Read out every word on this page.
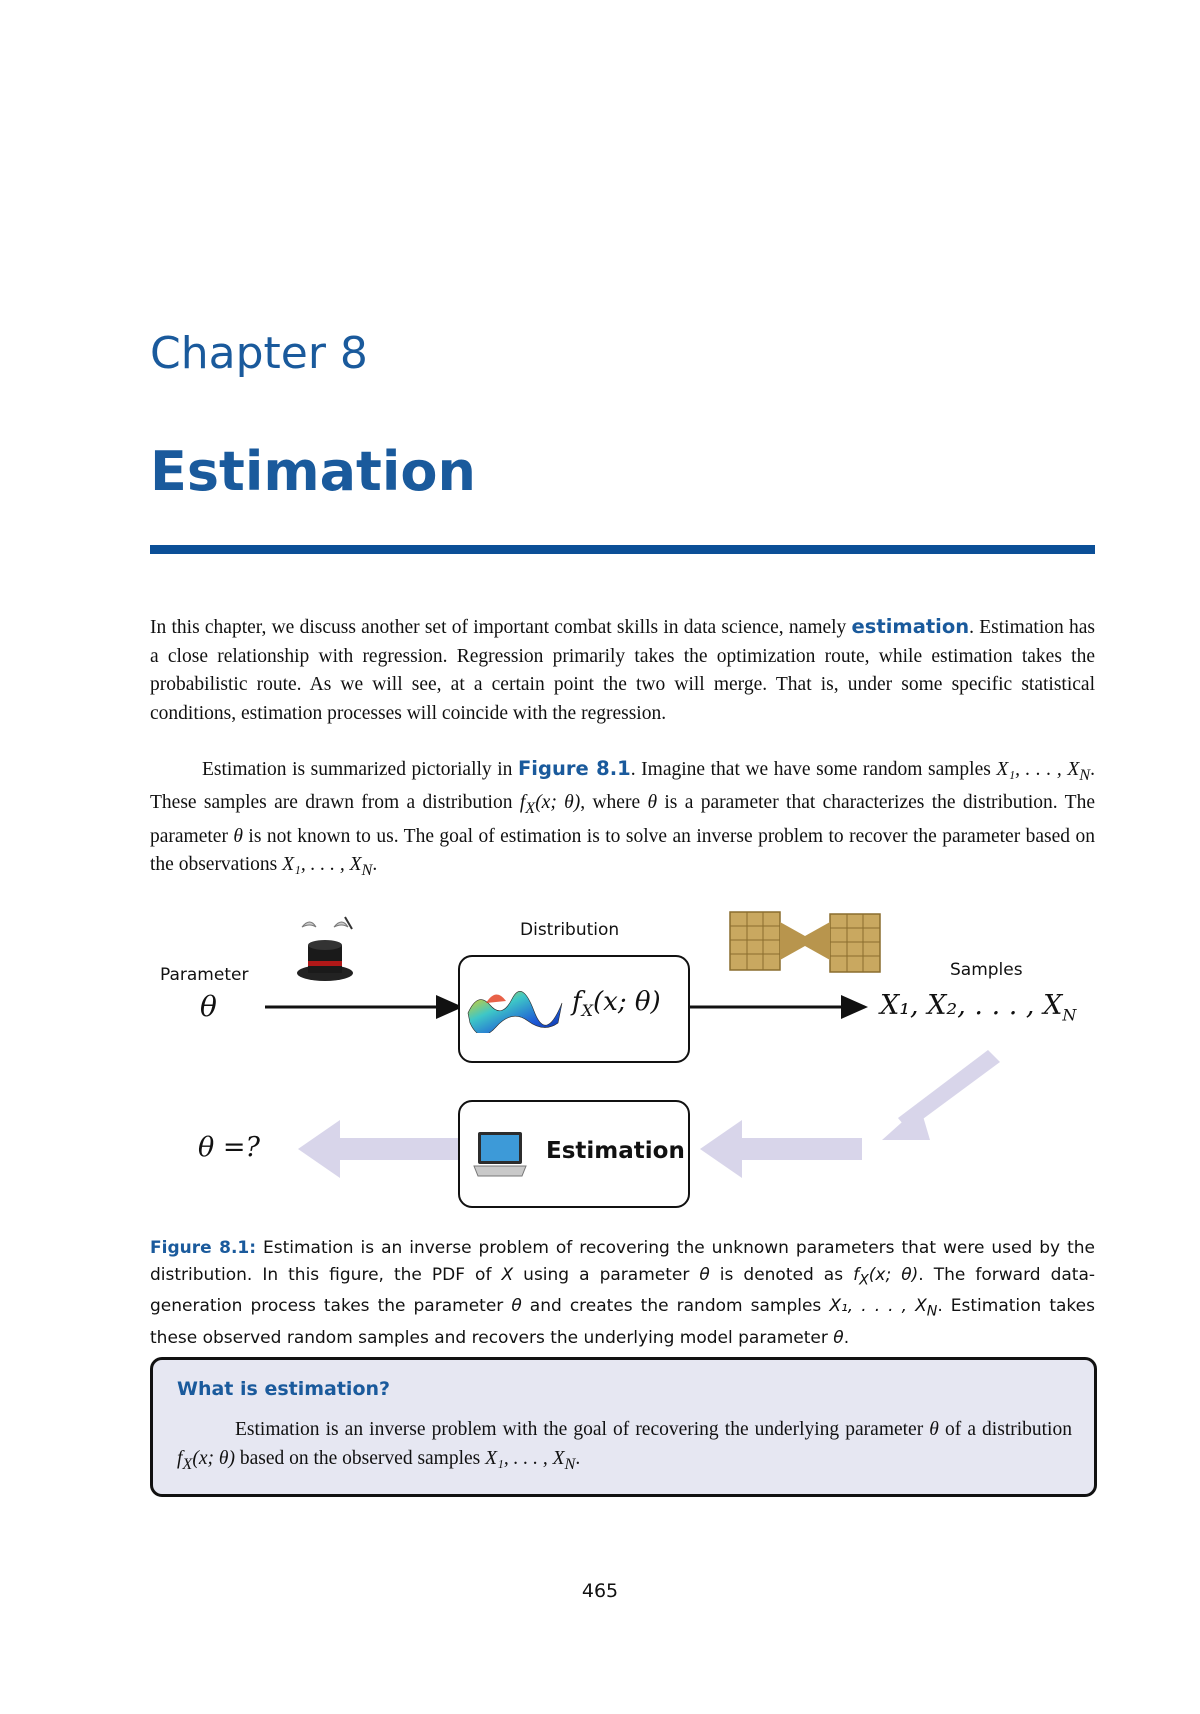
Chapter 8
Estimation

In this chapter, we discuss another set of important combat skills in data science, namely estimation. Estimation has a close relationship with regression. Regression primarily takes the optimization route, while estimation takes the probabilistic route. As we will see, at a certain point the two will merge. That is, under some specific statistical conditions, estimation processes will coincide with the regression.

Estimation is summarized pictorially in Figure 8.1. Imagine that we have some random samples X₁, . . . , $X_N$. These samples are drawn from a distribution $f_X(x$; θ), where θ is a parameter that characterizes the distribution. The parameter θ is not known to us. The goal of estimation is to solve an inverse problem to recover the parameter based on the observations X₁, . . . , $X_N$.

Parameter
θ
Distribution
$f_X(x$; θ)
Samples
X₁, X₂, . . . , $X_N$
Estimation
θ =?

Figure 8.1: Estimation is an inverse problem of recovering the unknown parameters that were used by the distribution. In this figure, the PDF of X using a parameter θ is denoted as $f_X(x$; θ). The forward data-generation process takes the parameter θ and creates the random samples X₁, . . . , $X_N$. Estimation takes these observed random samples and recovers the underlying model parameter θ.

What is estimation?

Estimation is an inverse problem with the goal of recovering the underlying parameter θ of a distribution $f_X(x$; θ) based on the observed samples X₁, . . . , $X_N$.

465
